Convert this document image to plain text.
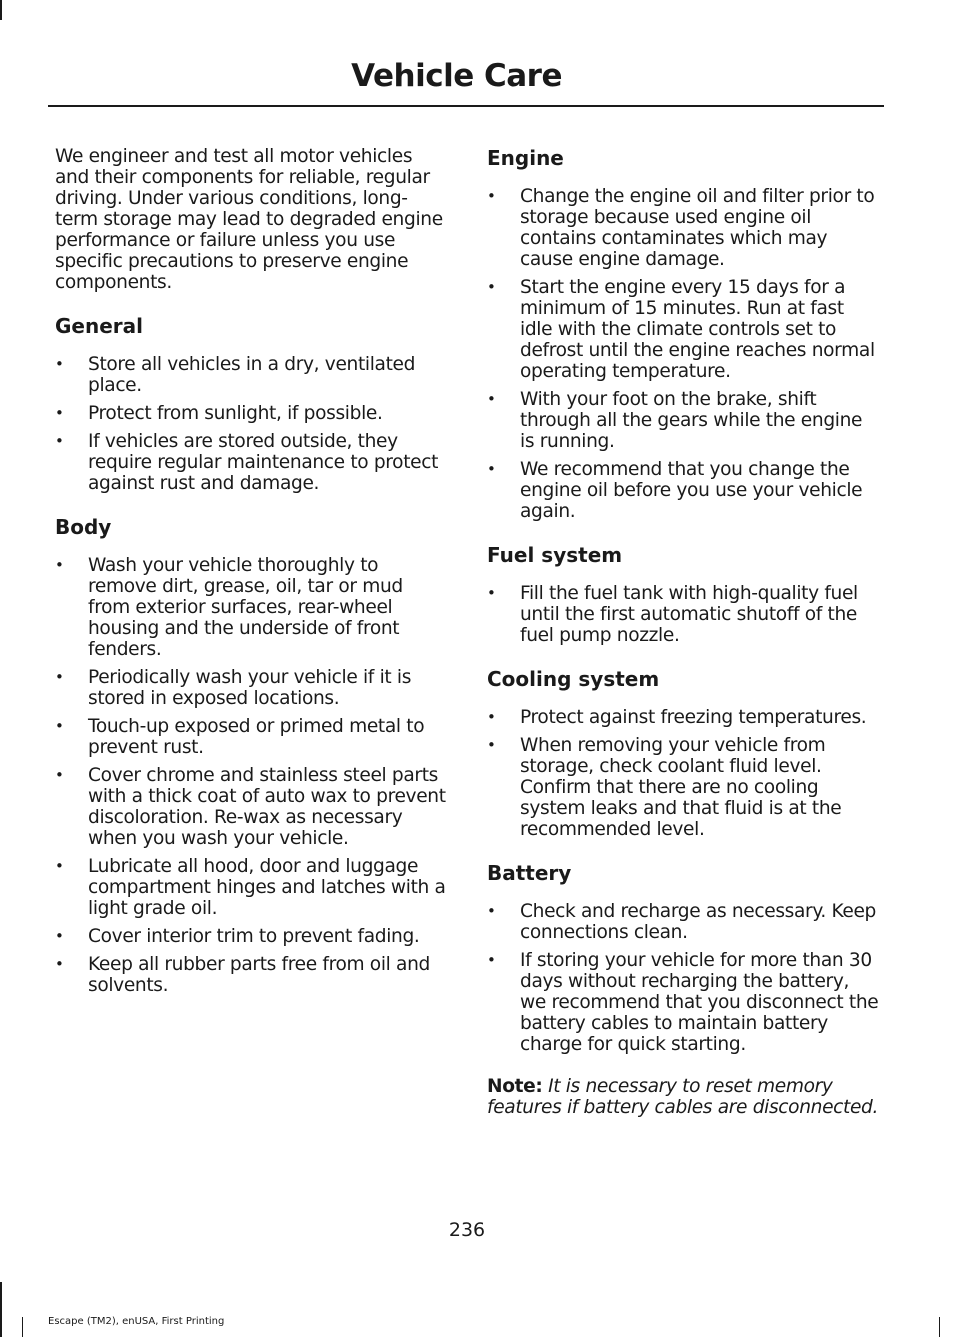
Vehicle Care

We engineer and test all motor vehicles and their components for reliable, regular driving. Under various conditions, long-term storage may lead to degraded engine performance or failure unless you use specific precautions to preserve engine components.

General
• Store all vehicles in a dry, ventilated place.
• Protect from sunlight, if possible.
• If vehicles are stored outside, they require regular maintenance to protect against rust and damage.
Body
• Wash your vehicle thoroughly to remove dirt, grease, oil, tar or mud from exterior surfaces, rear-wheel housing and the underside of front fenders.
• Periodically wash your vehicle if it is stored in exposed locations.
• Touch-up exposed or primed metal to prevent rust.
• Cover chrome and stainless steel parts with a thick coat of auto wax to prevent discoloration. Re-wax as necessary when you wash your vehicle.
• Lubricate all hood, door and luggage compartment hinges and latches with a light grade oil.
• Cover interior trim to prevent fading.
• Keep all rubber parts free from oil and solvents.
Engine
• Change the engine oil and filter prior to storage because used engine oil contains contaminates which may cause engine damage.
• Start the engine every 15 days for a minimum of 15 minutes. Run at fast idle with the climate controls set to defrost until the engine reaches normal operating temperature.
• With your foot on the brake, shift through all the gears while the engine is running.
• We recommend that you change the engine oil before you use your vehicle again.
Fuel system
• Fill the fuel tank with high-quality fuel until the first automatic shutoff of the fuel pump nozzle.
Cooling system
• Protect against freezing temperatures.
• When removing your vehicle from storage, check coolant fluid level. Confirm that there are no cooling system leaks and that fluid is at the recommended level.
Battery
• Check and recharge as necessary. Keep connections clean.
• If storing your vehicle for more than 30 days without recharging the battery, we recommend that you disconnect the battery cables to maintain battery charge for quick starting.

Note: It is necessary to reset memory features if battery cables are disconnected.

236
Escape (TM2), enUSA, First Printing
